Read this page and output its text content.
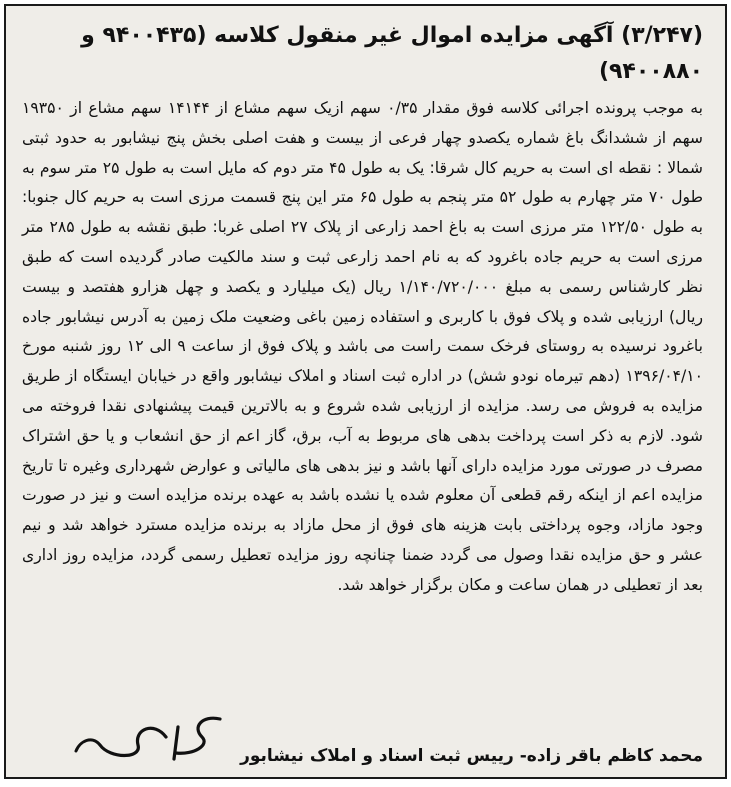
(۳/۲۴۷) آگهی مزایده اموال غیر منقول کلاسه (۹۴۰۰۴۳۵ و ۹۴۰۰۸۸۰)

به موجب پرونده اجرائی کلاسه فوق مقدار ۰/۳۵ سهم ازیک سهم مشاع از ۱۴۱۴۴ سهم مشاع از ۱۹۳۵۰ سهم از ششدانگ باغ شماره یکصدو چهار فرعی از بیست و هفت اصلی بخش پنج نیشابور به حدود ثبتی شمالا : نقطه ای است به حریم کال شرقا: یک به طول ۴۵ متر دوم که مایل است به طول ۲۵ متر سوم به طول ۷۰ متر چهارم به طول ۵۲ متر پنجم به طول ۶۵ متر این پنج قسمت مرزی است به حریم کال جنوبا: به طول ۱۲۲/۵۰ متر مرزی است به باغ احمد زارعی از پلاک ۲۷ اصلی غربا: طبق نقشه به طول ۲۸۵ متر مرزی است به حریم جاده باغرود که به نام احمد زارعی ثبت و سند مالکیت صادر گردیده است که طبق نظر کارشناس رسمی به مبلغ ۱/۱۴۰/۷۲۰/۰۰۰ ریال (یک میلیارد و یکصد و چهل هزارو هفتصد و بیست ریال) ارزیابی شده و پلاک فوق با کاربری و استفاده زمین باغی وضعیت ملک زمین به آدرس نیشابور جاده باغرود نرسیده به روستای فرخک سمت راست می باشد و پلاک فوق از ساعت ۹ الی ۱۲ روز شنبه مورخ ۱۳۹۶/۰۴/۱۰ (دهم تیرماه نودو شش) در اداره ثبت اسناد و املاک نیشابور واقع در خیابان ایستگاه از طریق مزایده به فروش می رسد. مزایده از ارزیابی شده شروع و به بالاترین قیمت پیشنهادی نقدا فروخته می شود. لازم به ذکر است پرداخت بدهی های مربوط به آب، برق، گاز اعم از حق انشعاب و یا حق اشتراک مصرف در صورتی مورد مزایده دارای آنها باشد و نیز بدهی های مالیاتی و عوارض شهرداری وغیره تا تاریخ مزایده اعم از اینکه رقم قطعی آن معلوم شده یا نشده باشد به عهده برنده مزایده است و نیز در صورت وجود مازاد، وجوه پرداختی بابت هزینه های فوق از محل مازاد به برنده مزایده مسترد خواهد شد و نیم عشر و حق مزایده نقدا وصول می گردد ضمنا چنانچه روز مزایده تعطیل رسمی گردد، مزایده روز اداری بعد از تعطیلی در همان ساعت و مکان برگزار خواهد شد.

محمد کاظم باقر زاده- رییس ثبت اسناد و املاک نیشابور
